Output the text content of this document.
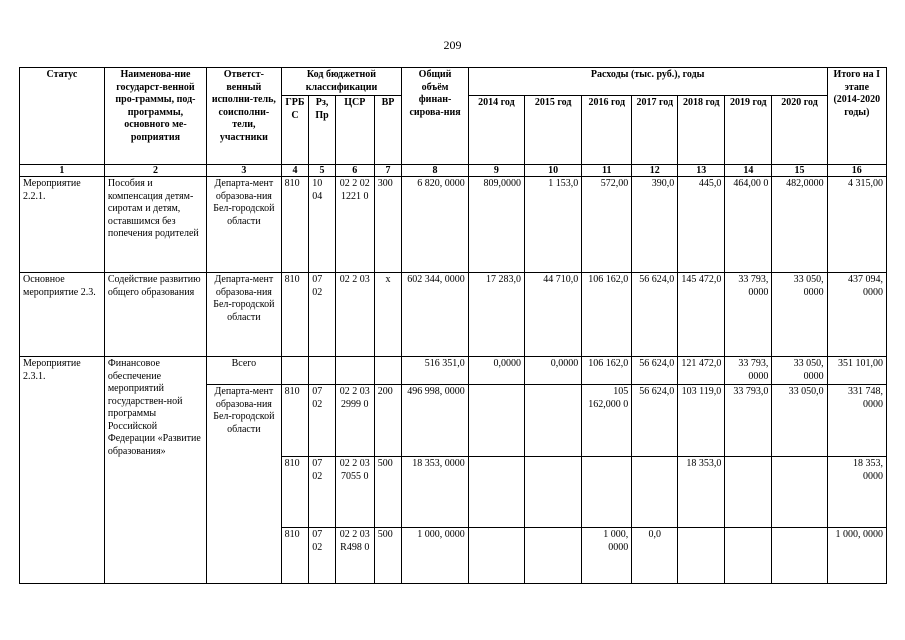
209
Статус	Наименова-ние государст-венной про-граммы, под-программы, основного ме-роприятия	Ответст-венный исполни-тель, соисполни-тели, участники	Код бюджетной классификации				Общий объём финан-сирова-ния	Расходы (тыс. руб.), годы							Итого на I этапе (2014-2020 годы)
			ГРБ С	Рз, Пр	ЦСР	ВР		2014 год	2015 год	2016 год	2017 год	2018 год	2019 год	2020 год	
1	2	3	4	5	6	7	8	9	10	11	12	13	14	15	16
Мероприятие 2.2.1.	Пособия и компенсация детям-сиротам и детям, оставшимся без попечения родителей	Департа-мент образова-ния Бел-городской области	810	10 04	02 2 02 1221 0	300	6 820, 0000	809,0000	1 153,0	572,00	390,0	445,0	464,00 0	482,0000	4 315,00
Основное мероприятие 2.3.	Содействие развитию общего образования	Департа-мент образова-ния Бел-городской области	810	07 02	02 2 03	х	602 344, 0000	17 283,0	44 710,0	106 162,0	56 624,0	145 472,0	33 793, 0000	33 050, 0000	437 094, 0000
Мероприятие 2.3.1.	Финансовое обеспечение мероприятий государствен-ной программы Российской Федерации «Развитие образования»	Всего					516 351,0	0,0000	0,0000	106 162,0	56 624,0	121 472,0	33 793, 0000	33 050, 0000	351 101,00
		Департа-мент образова-ния Бел-городской области	810	07 02	02 2 03 2999 0	200	496 998, 0000			105 162,000 0	56 624,0	103 119,0	33 793,0	33 050,0	331 748, 0000
			810	07 02	02 2 03 7055 0	500	18 353, 0000					18 353,0			18 353, 0000
			810	07 02	02 2 03 R498 0	500	1 000, 0000			1 000, 0000	0,0				1 000, 0000
